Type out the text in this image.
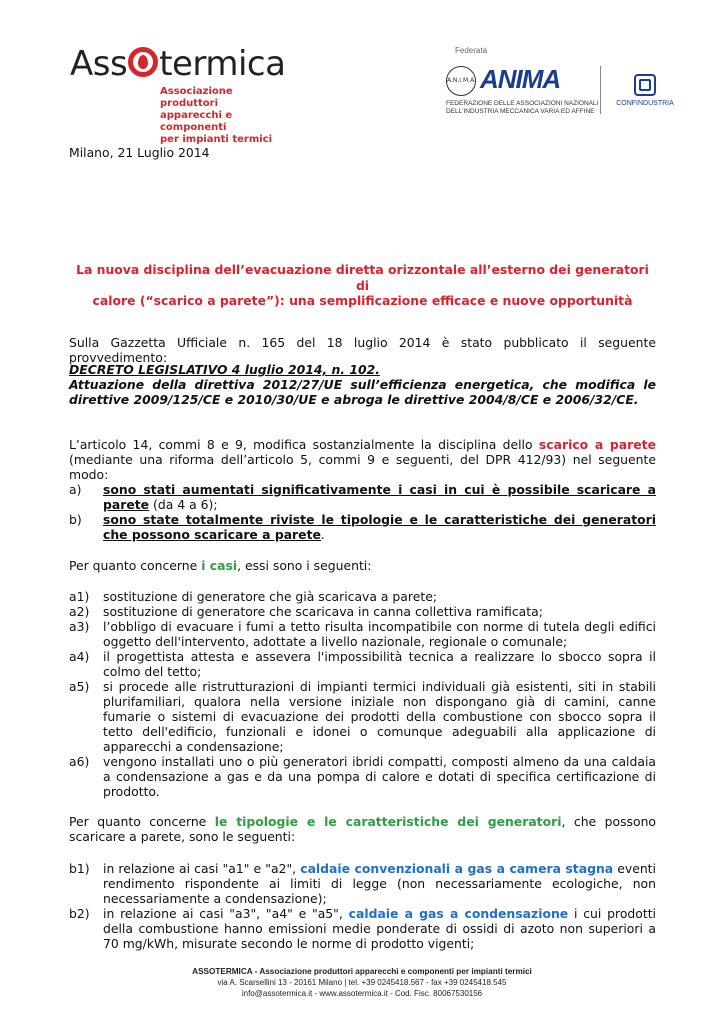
Ass termica
Associazione produttori
apparecchi e componenti
per impianti termici
Federata
A.N.I.M.A. ANIMA
FEDERAZIONE DELLE ASSOCIAZIONI NAZIONALI
DELL'INDUSTRIA MECCANICA VARIA ED AFFINE
CONFINDUSTRIA
Milano, 21 Luglio 2014
La nuova disciplina dell’evacuazione diretta orizzontale all’esterno dei generatori di
calore (“scarico a parete”): una semplificazione efficace e nuove opportunità
Sulla Gazzetta Ufficiale n. 165 del 18 luglio 2014 è stato pubblicato il seguente provvedimento:
DECRETO LEGISLATIVO 4 luglio 2014, n. 102.
Attuazione della direttiva 2012/27/UE sull’efficienza energetica, che modifica le direttive 2009/125/CE e 2010/30/UE e abroga le direttive 2004/8/CE e 2006/32/CE.
L’articolo 14, commi 8 e 9, modifica sostanzialmente la disciplina dello scarico a parete (mediante una riforma dell’articolo 5, commi 9 e seguenti, del DPR 412/93) nel seguente modo:
a) sono stati aumentati significativamente i casi in cui è possibile scaricare a parete (da 4 a 6);
b) sono state totalmente riviste le tipologie e le caratteristiche dei generatori che possono scaricare a parete.
Per quanto concerne i casi, essi sono i seguenti:
a1) sostituzione di generatore che già scaricava a parete;
a2) sostituzione di generatore che scaricava in canna collettiva ramificata;
a3) l’obbligo di evacuare i fumi a tetto risulta incompatibile con norme di tutela degli edifici oggetto dell'intervento, adottate a livello nazionale, regionale o comunale;
a4) il progettista attesta e assevera l'impossibilità tecnica a realizzare lo sbocco sopra il colmo del tetto;
a5) si procede alle ristrutturazioni di impianti termici individuali già esistenti, siti in stabili plurifamiliari, qualora nella versione iniziale non dispongano già di camini, canne fumarie o sistemi di evacuazione dei prodotti della combustione con sbocco sopra il tetto dell'edificio, funzionali e idonei o comunque adeguabili alla applicazione di apparecchi a condensazione;
a6) vengono installati uno o più generatori ibridi compatti, composti almeno da una caldaia a condensazione a gas e da una pompa di calore e dotati di specifica certificazione di prodotto.
Per quanto concerne le tipologie e le caratteristiche dei generatori, che possono scaricare a parete, sono le seguenti:
b1) in relazione ai casi "a1" e "a2", caldaie convenzionali a gas a camera stagna eventi rendimento rispondente ai limiti di legge (non necessariamente ecologiche, non necessariamente a condensazione);
b2) in relazione ai casi "a3", "a4" e "a5", caldaie a gas a condensazione i cui prodotti della combustione hanno emissioni medie ponderate di ossidi di azoto non superiori a 70 mg/kWh, misurate secondo le norme di prodotto vigenti;
ASSOTERMICA - Associazione produttori apparecchi e componenti per impianti termici
via A. Scarsellini 13 - 20161 Milano | tel. +39 0245418.567 - fax +39 0245418.545
info@assotermica.it - www.assotermica.it - Cod. Fisc. 80067530156
